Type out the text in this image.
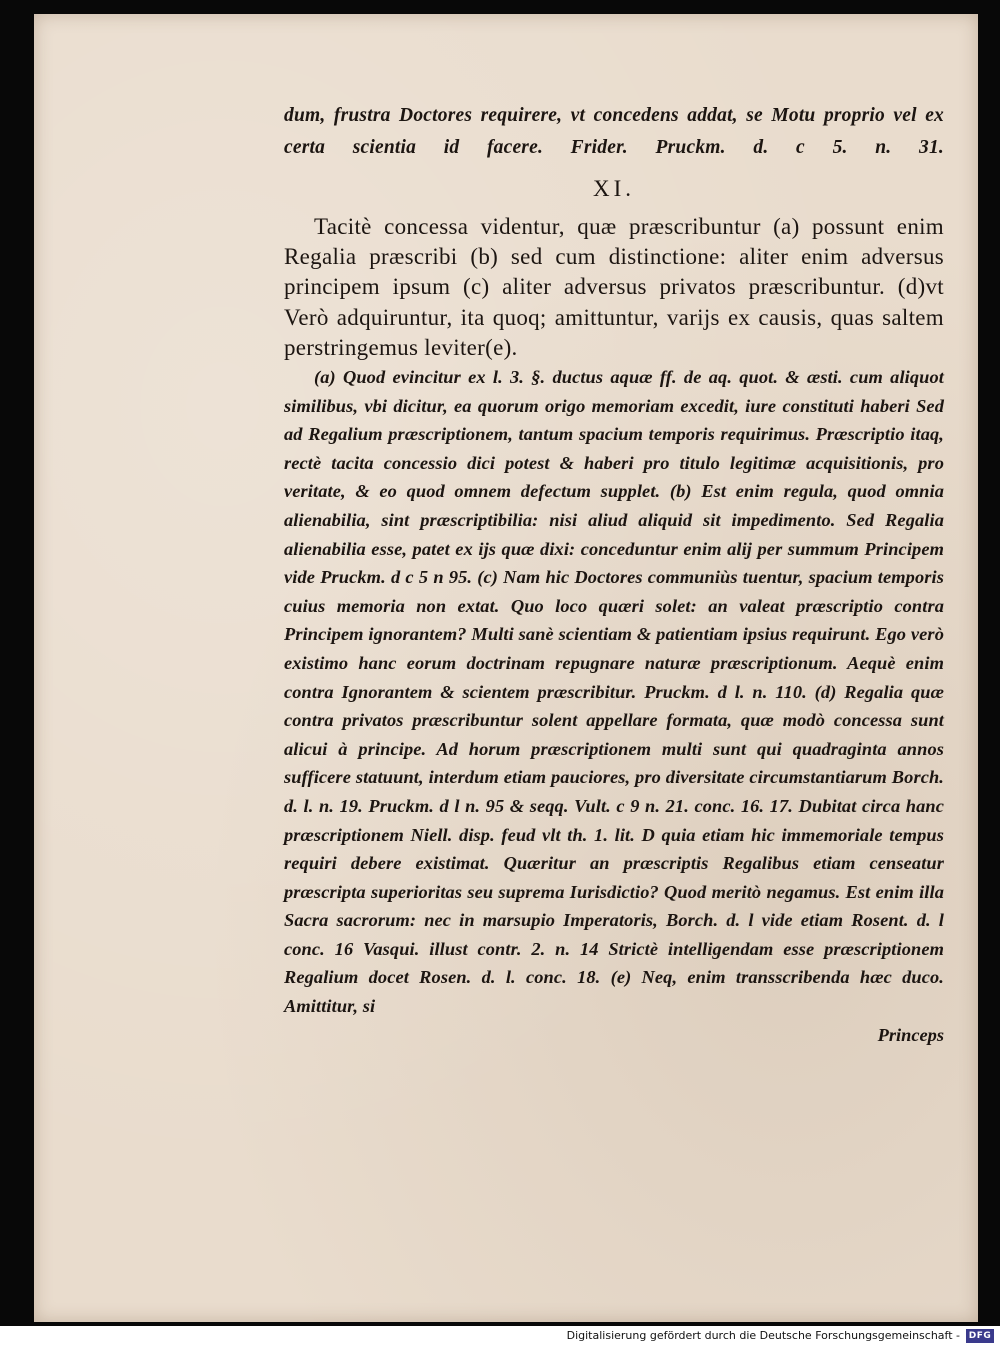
dum, frustra Doctores requirere, vt concedens addat, se Motu proprio vel ex certa scientia id facere. Frider. Pruckm. d. c 5. n. 31.

XI.

Tacitè concessa videntur, quæ præscribuntur (a) possunt enim Regalia præscribi (b) sed cum distinctione: aliter enim adversus principem ipsum (c) aliter adversus privatos præscribuntur. (d)vt Verò adquiruntur, ita quoq; amittuntur, varijs ex causis, quas saltem perstringemus leviter(e).

(a) Quod evincitur ex l. 3. §. ductus aquæ ff. de aq. quot. & æsti. cum aliquot similibus, vbi dicitur, ea quorum origo memoriam excedit, iure constituti haberi Sed ad Regalium præscriptionem, tantum spacium temporis requirimus. Præscriptio itaq, rectè tacita concessio dici potest & haberi pro titulo legitimæ acquisitionis, pro veritate, & eo quod omnem defectum supplet. (b) Est enim regula, quod omnia alienabilia, sint præscriptibilia: nisi aliud aliquid sit impedimento. Sed Regalia alienabilia esse, patet ex ijs quæ dixi: conceduntur enim alij per summum Principem vide Pruckm. d c 5 n 95. (c) Nam hic Doctores communiùs tuentur, spacium temporis cuius memoria non extat. Quo loco quæri solet: an valeat præscriptio contra Principem ignorantem? Multi sanè scientiam & patientiam ipsius requirunt. Ego verò existimo hanc eorum doctrinam repugnare naturæ præscriptionum. Aequè enim contra Ignorantem & scientem præscribitur. Pruckm. d l. n. 110. (d) Regalia quæ contra privatos præscribuntur solent appellare formata, quæ modò concessa sunt alicui à principe. Ad horum præscriptionem multi sunt qui quadraginta annos sufficere statuunt, interdum etiam pauciores, pro diversitate circumstantiarum Borch. d. l. n. 19. Pruckm. d l n. 95 & seqq. Vult. c 9 n. 21. conc. 16. 17. Dubitat circa hanc præscriptionem Niell. disp. feud vlt th. 1. lit. D quia etiam hic immemoriale tempus requiri debere existimat. Quæritur an præscriptis Regalibus etiam censeatur præscripta superioritas seu suprema Iurisdictio? Quod meritò negamus. Est enim illa Sacra sacrorum: nec in marsupio Imperatoris, Borch. d. l vide etiam Rosent. d. l conc. 16 Vasqui. illust contr. 2. n. 14 Strictè intelligendam esse præscriptionem Regalium docet Rosen. d. l. conc. 18. (e) Neq, enim transscribenda hæc duco. Amittitur, si

Princeps

Digitalisierung gefördert durch die Deutsche Forschungsgemeinschaft - DFG
